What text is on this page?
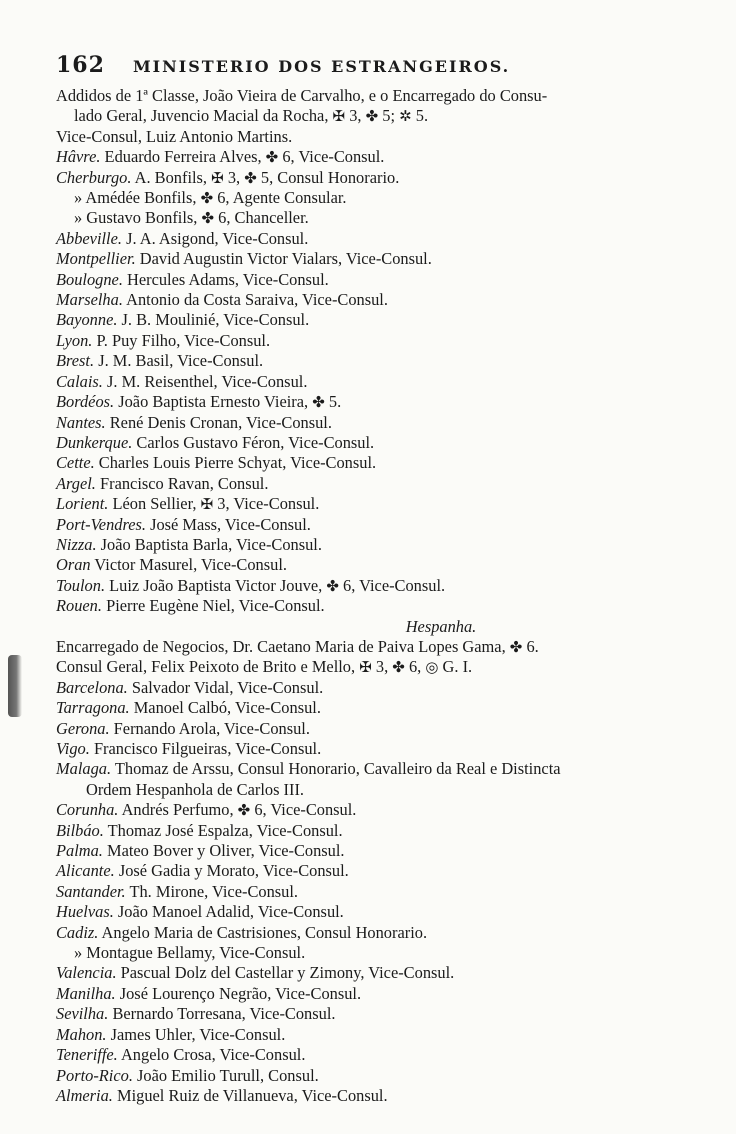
162 MINISTERIO DOS ESTRANGEIROS.
Addidos de 1ª Classe, João Vieira de Carvalho, e o Encarregado do Consu-
lado Geral, Juvencio Macial da Rocha, ✠ 3, ✤ 5; ✲ 5.
Vice-Consul, Luiz Antonio Martins.
Hâvre. Eduardo Ferreira Alves, ✤ 6, Vice-Consul.
Cherburgo. A. Bonfils, ✠ 3, ✤ 5, Consul Honorario.
» Amédée Bonfils, ✤ 6, Agente Consular.
» Gustavo Bonfils, ✤ 6, Chanceller.
Abbeville. J. A. Asigond, Vice-Consul.
Montpellier. David Augustin Victor Vialars, Vice-Consul.
Boulogne. Hercules Adams, Vice-Consul.
Marselha. Antonio da Costa Saraiva, Vice-Consul.
Bayonne. J. B. Moulinié, Vice-Consul.
Lyon. P. Puy Filho, Vice-Consul.
Brest. J. M. Basil, Vice-Consul.
Calais. J. M. Reisenthel, Vice-Consul.
Bordéos. João Baptista Ernesto Vieira, ✤ 5.
Nantes. René Denis Cronan, Vice-Consul.
Dunkerque. Carlos Gustavo Féron, Vice-Consul.
Cette. Charles Louis Pierre Schyat, Vice-Consul.
Argel. Francisco Ravan, Consul.
Lorient. Léon Sellier, ✠ 3, Vice-Consul.
Port-Vendres. José Mass, Vice-Consul.
Nizza. João Baptista Barla, Vice-Consul.
Oran Victor Masurel, Vice-Consul.
Toulon. Luiz João Baptista Victor Jouve, ✤ 6, Vice-Consul.
Rouen. Pierre Eugène Niel, Vice-Consul.
Hespanha.
Encarregado de Negocios, Dr. Caetano Maria de Paiva Lopes Gama, ✤ 6.
Consul Geral, Felix Peixoto de Brito e Mello, ✠ 3, ✤ 6, ◎ G. I.
Barcelona. Salvador Vidal, Vice-Consul.
Tarragona. Manoel Calbó, Vice-Consul.
Gerona. Fernando Arola, Vice-Consul.
Vigo. Francisco Filgueiras, Vice-Consul.
Malaga. Thomaz de Arssu, Consul Honorario, Cavalleiro da Real e Distincta
Ordem Hespanhola de Carlos III.
Corunha. Andrés Perfumo, ✤ 6, Vice-Consul.
Bilbáo. Thomaz José Espalza, Vice-Consul.
Palma. Mateo Bover y Oliver, Vice-Consul.
Alicante. José Gadia y Morato, Vice-Consul.
Santander. Th. Mirone, Vice-Consul.
Huelvas. João Manoel Adalid, Vice-Consul.
Cadiz. Angelo Maria de Castrisiones, Consul Honorario.
» Montague Bellamy, Vice-Consul.
Valencia. Pascual Dolz del Castellar y Zimony, Vice-Consul.
Manilha. José Lourenço Negrão, Vice-Consul.
Sevilha. Bernardo Torresana, Vice-Consul.
Mahon. James Uhler, Vice-Consul.
Teneriffe. Angelo Crosa, Vice-Consul.
Porto-Rico. João Emilio Turull, Consul.
Almeria. Miguel Ruiz de Villanueva, Vice-Consul.
